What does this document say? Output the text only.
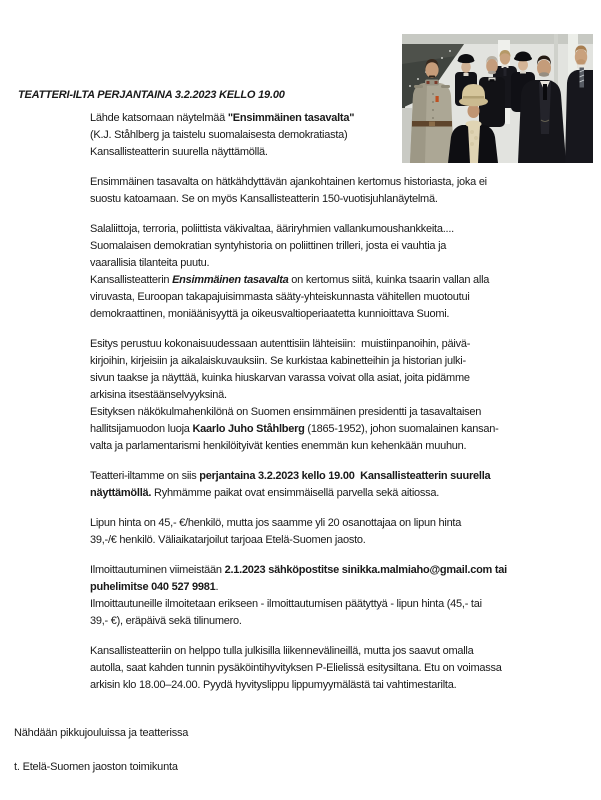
TEATTERI-ILTA PERJANTAINA 3.2.2023 KELLO 19.00

Lähde katsomaan näytelmää "Ensimmäinen tasavalta"
(K.J. Ståhlberg ja taistelu suomalaisesta demokratiasta)
Kansallisteatterin suurella näyttämöllä.

Ensimmäinen tasavalta on hätkähdyttävän ajankohtainen kertomus historiasta, joka ei
suostu katoamaan. Se on myös Kansallisteatterin 150-vuotisjuhlanäytelmä.

Salaliittoja, terroria, poliittista väkivaltaa, ääriryhmien vallankumoushankkeita....
Suomalaisen demokratian syntyhistoria on poliittinen trilleri, josta ei vauhtia ja
vaarallisia tilanteita puutu.
Kansallisteatterin Ensimmäinen tasavalta on kertomus siitä, kuinka tsaarin vallan alla
viruvasta, Euroopan takapajuisimmasta sääty-yhteiskunnasta vähitellen muotoutui
demokraattinen, moniäänisyyttä ja oikeusvaltioperiaatetta kunnioittava Suomi.

Esitys perustuu kokonaisuudessaan autenttisiin lähteisiin:  muistiinpanoihin, päivä-
kirjoihin, kirjeisiin ja aikalaiskuvauksiin. Se kurkistaa kabinetteihin ja historian julki-
sivun taakse ja näyttää, kuinka hiuskarvan varassa voivat olla asiat, joita pidämme
arkisina itsestäänselvyyksinä.
Esityksen näkökulmahenkilönä on Suomen ensimmäinen presidentti ja tasavaltaisen
hallitsijamuodon luoja Kaarlo Juho Ståhlberg (1865-1952), johon suomalainen kansan-
valta ja parlamentarismi henkilöityivät kenties enemmän kun kehenkään muuhun.

Teatteri-iltamme on siis perjantaina 3.2.2023 kello 19.00  Kansallisteatterin suurella
näyttämöllä. Ryhmämme paikat ovat ensimmäisellä parvella sekä aitiossa.

Lipun hinta on 45,- €/henkilö, mutta jos saamme yli 20 osanottajaa on lipun hinta
39,-/€ henkilö. Väliaikatarjoilut tarjoaa Etelä-Suomen jaosto.

Ilmoittautuminen viimeistään 2.1.2023 sähköpostitse sinikka.malmiaho@gmail.com tai
puhelimitse 040 527 9981.
Ilmoittautuneille ilmoitetaan erikseen - ilmoittautumisen päätyttyä - lipun hinta (45,- tai
39,- €), eräpäivä sekä tilinumero.

Kansallisteatteriin on helppo tulla julkisilla liikennevälineillä, mutta jos saavut omalla
autolla, saat kahden tunnin pysäköintihyvityksen P-Elielissä esitysiltana. Etu on voimassa
arkisin klo 18.00–24.00. Pyydä hyvityslippu lippumyymälästä tai vahtimestarilta.

Nähdään pikkujouluissa ja teatterissa
t. Etelä-Suomen jaoston toimikunta
